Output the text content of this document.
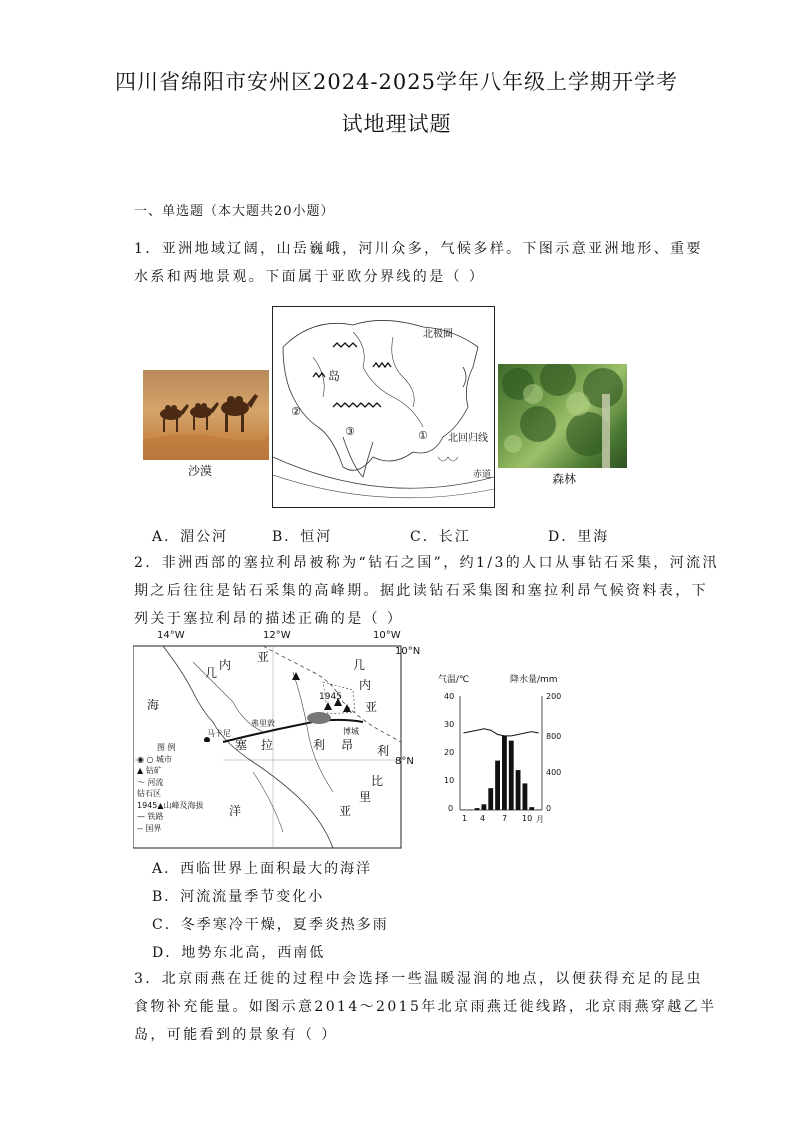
四川省绵阳市安州区2024-2025学年八年级上学期开学考
试地理试题
一、单选题（本大题共20小题）
1．亚洲地域辽阔，山岳巍峨，河川众多，气候多样。下图示意亚洲地形、重要
水系和两地景观。下面属于亚欧分界线的是（ ）
沙漠
北极圈
北回归线
赤道
岛
②
③	①
森林
A．湄公河	B．恒河	C．长江	D．里海
2．非洲西部的塞拉利昂被称为“钻石之国”，约1/3的人口从事钻石采集，河流汛
期之后往往是钻石采集的高峰期。据此读钻石采集图和塞拉利昂气候资料表，下
列关于塞拉利昂的描述正确的是（ ）
14°W	12°W	10°W
10°N
8°N
几
内
亚
几
内
亚
塞 拉	利 昂 利
比
里
亚
海
洋
弗里敦
马卡尼	博城
1945
图 例
◉ ○ 城市
▲ 钻矿
～ 河流
钻石区
1945▲山峰及海拔
— 铁路
-- 国界
气温/℃	降水量/mm
40
30
20
10
0
200
800
400
0
1 4 7 10 月
A．西临世界上面积最大的海洋
B．河流流量季节变化小
C．冬季寒冷干燥，夏季炎热多雨
D．地势东北高，西南低
3．北京雨燕在迁徙的过程中会选择一些温暖湿润的地点，以便获得充足的昆虫
食物补充能量。如图示意2014～2015年北京雨燕迁徙线路，北京雨燕穿越乙半
岛，可能看到的景象有（ ）
